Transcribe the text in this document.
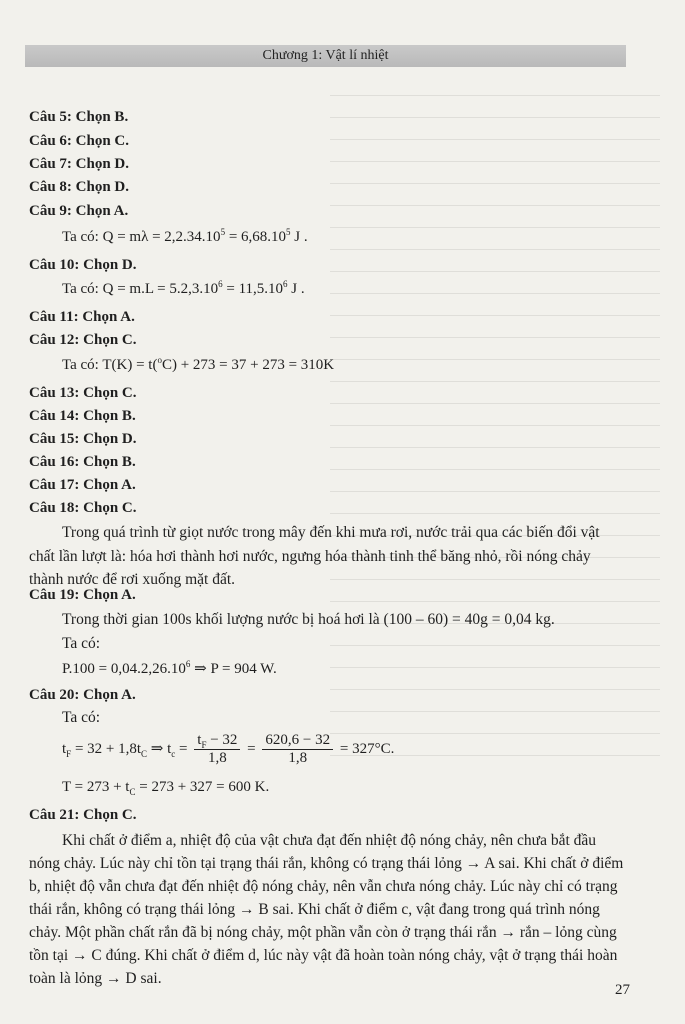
Chương 1: Vật lí nhiệt
Câu 5: Chọn B.
Câu 6: Chọn C.
Câu 7: Chọn D.
Câu 8: Chọn D.
Câu 9: Chọn A.
Ta có: $Q = m\lambda = 2,2.34.10^5 = 6,68.10^5$ J .
Câu 10: Chọn D.
Ta có: $Q = m.L = 5.2,3.10^6 = 11,5.10^6$ J .
Câu 11: Chọn A.
Câu 12: Chọn C.
Ta có: T(K) = t($^o$C) + 273 = 37 + 273 = 310K
Câu 13: Chọn C.
Câu 14: Chọn B.
Câu 15: Chọn D.
Câu 16: Chọn B.
Câu 17: Chọn A.
Câu 18: Chọn C.
Trong quá trình từ giọt nước trong mây đến khi mưa rơi, nước trải qua các biến đổi vật
chất lần lượt là: hóa hơi thành hơi nước, ngưng hóa thành tinh thể băng nhỏ, rồi nóng chảy
thành nước để rơi xuống mặt đất.
Câu 19: Chọn A.
Trong thời gian 100s khối lượng nước bị hoá hơi là (100 – 60) = 40g = 0,04 kg.
Ta có:
$P.100 = 0,04.2,26.10^6$ ⇒ P = 904 W.
Câu 20: Chọn A.
Ta có:
$t_F = 32 + 1,8t_C$ ⇒ $t_c = \frac{t_F - 32}{1,8} = \frac{620,6 - 32}{1,8} = 327^\circ C$.
$T = 273 + t_C = 273 + 327 = 600$ K.
Câu 21: Chọn C.
Khi chất ở điểm a, nhiệt độ của vật chưa đạt đến nhiệt độ nóng chảy, nên chưa bắt đầu
nóng chảy. Lúc này chỉ tồn tại trạng thái rắn, không có trạng thái lỏng → A sai. Khi chất ở điểm
b, nhiệt độ vẫn chưa đạt đến nhiệt độ nóng chảy, nên vẫn chưa nóng chảy. Lúc này chỉ có trạng
thái rắn, không có trạng thái lỏng → B sai. Khi chất ở điểm c, vật đang trong quá trình nóng
chảy. Một phần chất rắn đã bị nóng chảy, một phần vẫn còn ở trạng thái rắn → rắn – lỏng cùng
tồn tại → C đúng. Khi chất ở điểm d, lúc này vật đã hoàn toàn nóng chảy, vật ở trạng thái hoàn
toàn là lỏng → D sai.
27
